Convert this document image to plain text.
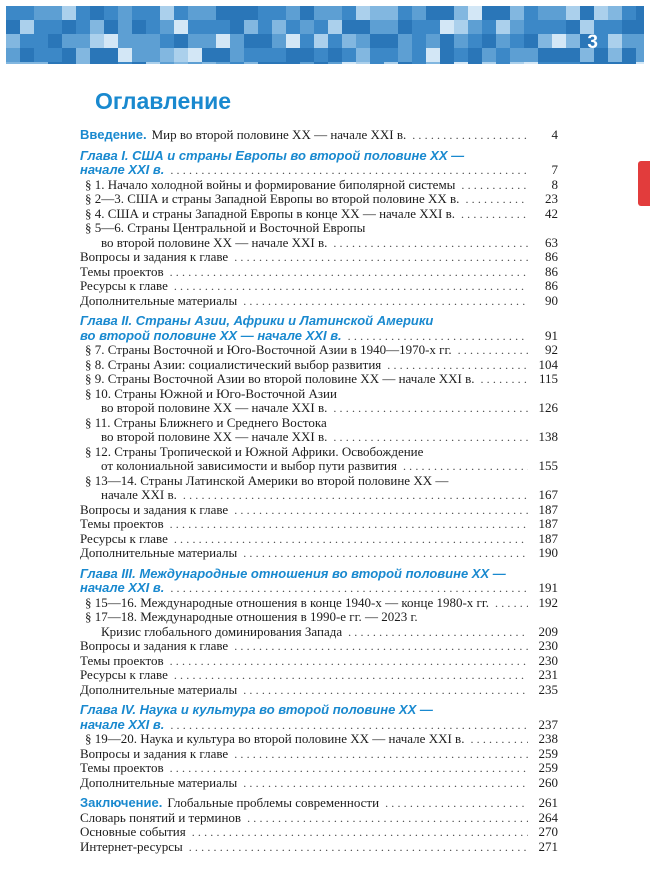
3
Оглавление
Введение. Мир во второй половине XX — начале XXI в. .....	4
Глава I. США и страны Европы во второй половине XX —
начале XXI в. .....	7
§ 1. Начало холодной войны и формирование биполярной системы .....	8
§ 2—3. США и страны Западной Европы во второй половине XX в. .....	23
§ 4. США и страны Западной Европы в конце XX — начале XXI в. .....	42
§ 5—6. Страны Центральной и Восточной Европы
во второй половине XX — начале XXI в. .....	63
Вопросы и задания к главе .....	86
Темы проектов .....	86
Ресурсы к главе .....	86
Дополнительные материалы .....	90
Глава II. Страны Азии, Африки и Латинской Америки
во второй половине XX — начале XXI в. .....	91
§ 7. Страны Восточной и Юго-Восточной Азии в 1940—1970-х гг. .....	92
§ 8. Страны Азии: социалистический выбор развития .....	104
§ 9. Страны Восточной Азии во второй половине XX — начале XXI в. .....	115
§ 10. Страны Южной и Юго-Восточной Азии
во второй половине XX — начале XXI в. .....	126
§ 11. Страны Ближнего и Среднего Востока
во второй половине XX — начале XXI в. .....	138
§ 12. Страны Тропической и Южной Африки. Освобождение
от колониальной зависимости и выбор пути развития .....	155
§ 13—14. Страны Латинской Америки во второй половине XX —
начале XXI в. .....	167
Вопросы и задания к главе .....	187
Темы проектов .....	187
Ресурсы к главе .....	187
Дополнительные материалы .....	190
Глава III. Международные отношения во второй половине XX —
начале XXI в. .....	191
§ 15—16. Международные отношения в конце 1940-х — конце 1980-х гг. .....	192
§ 17—18. Международные отношения в 1990-е гг. — 2023 г.
Кризис глобального доминирования Запада .....	209
Вопросы и задания к главе .....	230
Темы проектов .....	230
Ресурсы к главе .....	231
Дополнительные материалы .....	235
Глава IV. Наука и культура во второй половине XX —
начале XXI в. .....	237
§ 19—20. Наука и культура во второй половине XX — начале XXI в. .....	238
Вопросы и задания к главе .....	259
Темы проектов .....	259
Дополнительные материалы .....	260
Заключение. Глобальные проблемы современности .....	261
Словарь понятий и терминов .....	264
Основные события .....	270
Интернет-ресурсы .....	271
